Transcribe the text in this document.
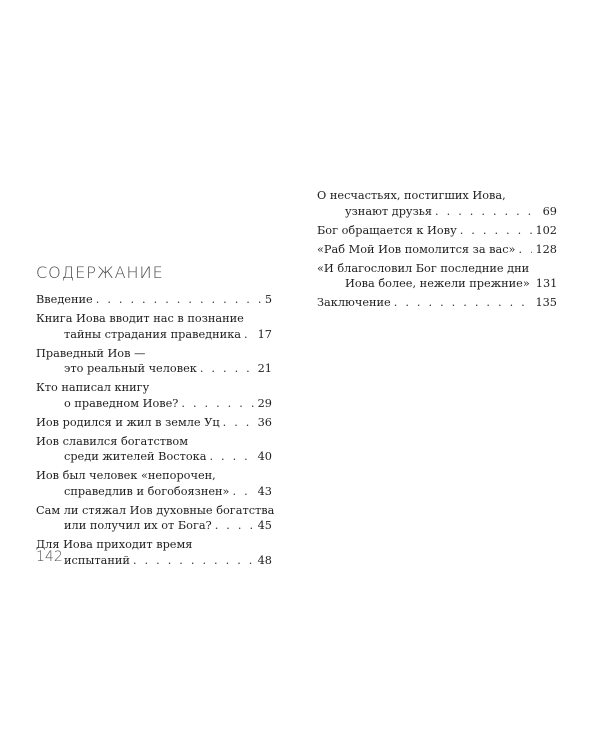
СОДЕРЖАНИЕ
Введение . . .	5
Книга Иова вводит нас в познание
тайны страдания праведника . . . 17
Праведный Иов —
это реальный человек . . .	21
Кто написал книгу
о праведном Иове? . . .	29
Иов родился и жил в земле Уц . . .	36
Иов славился богатством
среди жителей Востока . . .	40
Иов был человек «непорочен,
справедлив и богобоязнен» . . . 43
Сам ли стяжал Иов духовные богатства
или получил их от Бога? . . .	45
Для Иова приходит время
испытаний . . .	48
О несчастьях, постигших Иова,
узнают друзья . . .	69
Бог обращается к Иову . . .	102
«Раб Мой Иов помолится за вас» . . . 128
«И благословил Бог последние дни
Иова более, нежели прежние» 131
Заключение . . .	135
142
